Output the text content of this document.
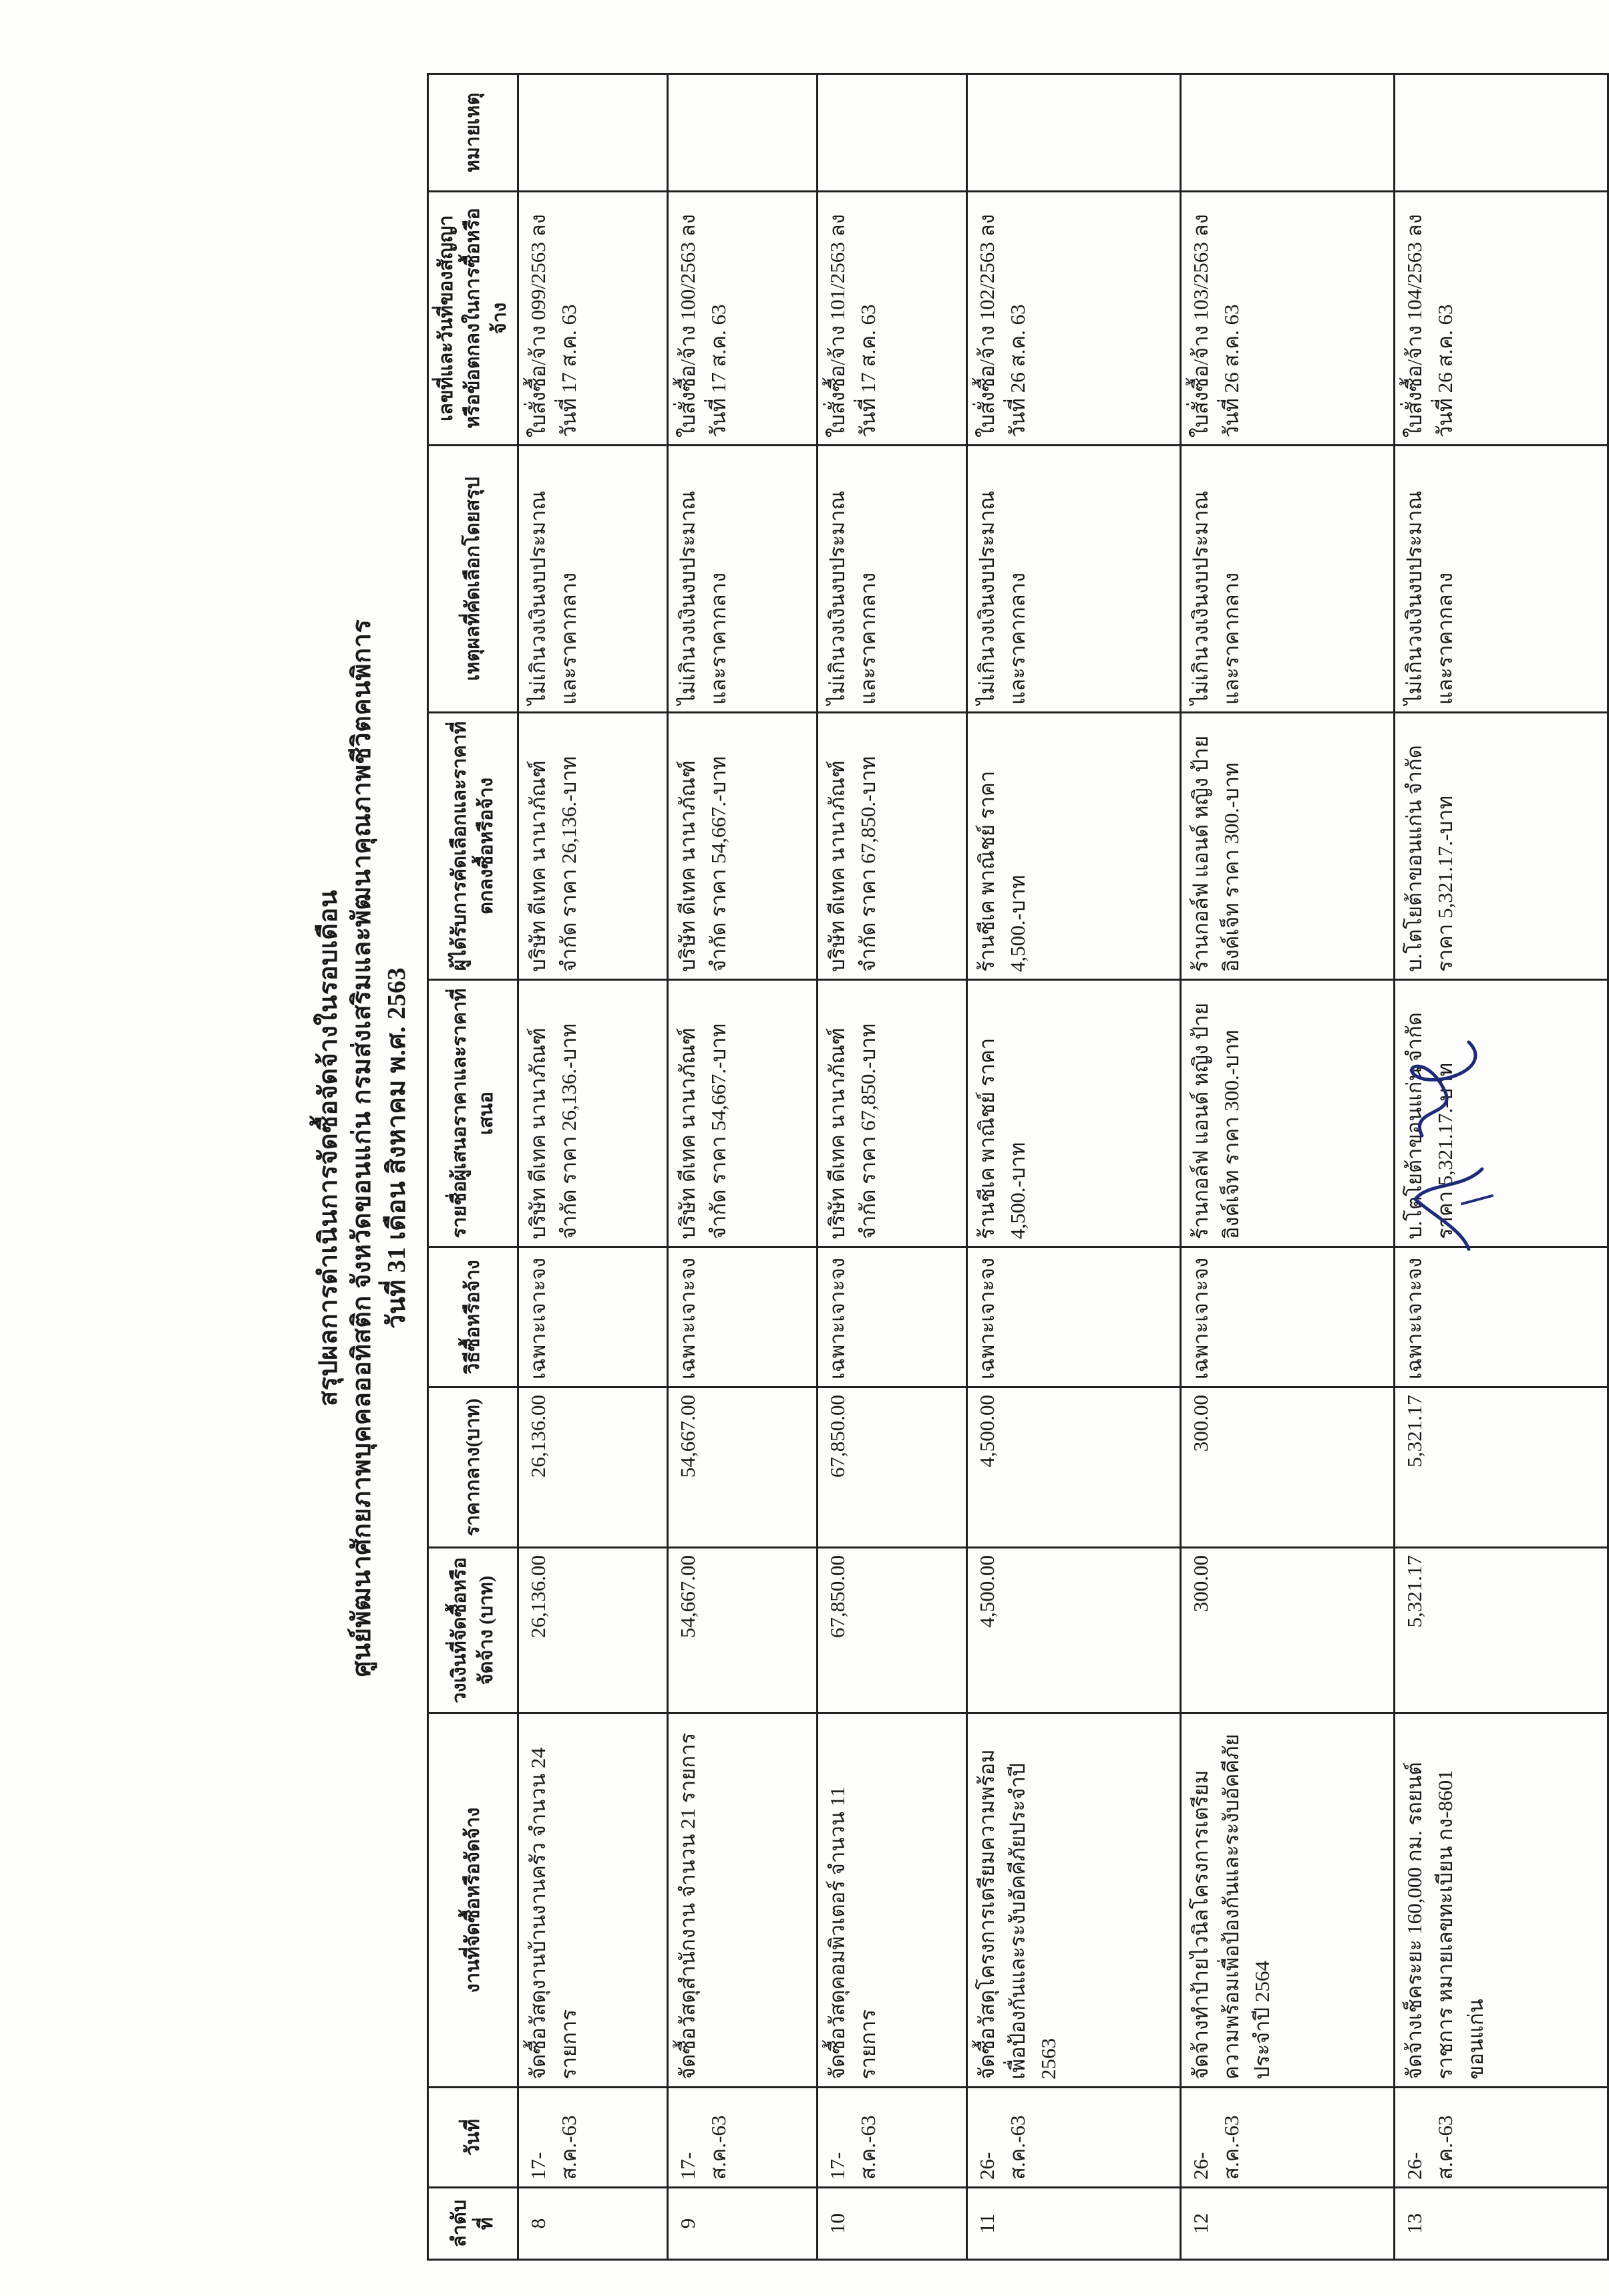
สรุปผลการดำเนินการจัดซื้อจัดจ้างในรอบเดือน ศูนย์พัฒนาศักยภาพบุคคลออทิสติก จังหวัดขอนแก่น กรมส่งเสริมและพัฒนาคุณภาพชีวิตคนพิการ วันที่ 31 เดือน สิงหาคม พ.ศ. 2563
ลำดับที่	วันที่	งานที่จัดซื้อหรือจัดจ้าง	วงเงินที่จัดซื้อหรือจัดจ้าง (บาท)	ราคากลาง(บาท)	วิธีซื้อหรือจ้าง	รายชื่อผู้เสนอราคาและราคาที่เสนอ	ผู้ได้รับการคัดเลือกและราคาที่ตกลงซื้อหรือจ้าง	เหตุผลที่คัดเลือกโดยสรุป	เลขที่และวันที่ของสัญญาหรือข้อตกลงในการซื้อหรือจ้าง	หมายเหตุ
8	17-ส.ค.-63	จัดซื้อวัสดุงานบ้านงานครัว จำนวน 24 รายการ	26,136.00	26,136.00	เฉพาะเจาะจง	บริษัท ดีเทค นานาภัณฑ์ จำกัด ราคา 26,136.-บาท	บริษัท ดีเทค นานาภัณฑ์ จำกัด ราคา 26,136.-บาท	ไม่เกินวงเงินงบประมาณ และราคากลาง	ใบสั่งซื้อ/จ้าง 099/2563 ลงวันที่ 17 ส.ค. 63	
9	17-ส.ค.-63	จัดซื้อวัสดุสำนักงาน จำนวน 21 รายการ	54,667.00	54,667.00	เฉพาะเจาะจง	บริษัท ดีเทค นานาภัณฑ์ จำกัด ราคา 54,667.-บาท	บริษัท ดีเทค นานาภัณฑ์ จำกัด ราคา 54,667.-บาท	ไม่เกินวงเงินงบประมาณ และราคากลาง	ใบสั่งซื้อ/จ้าง 100/2563 ลงวันที่ 17 ส.ค. 63	
10	17-ส.ค.-63	จัดซื้อวัสดุคอมพิวเตอร์ จำนวน 11 รายการ	67,850.00	67,850.00	เฉพาะเจาะจง	บริษัท ดีเทค นานาภัณฑ์ จำกัด ราคา 67,850.-บาท	บริษัท ดีเทค นานาภัณฑ์ จำกัด ราคา 67,850.-บาท	ไม่เกินวงเงินงบประมาณ และราคากลาง	ใบสั่งซื้อ/จ้าง 101/2563 ลงวันที่ 17 ส.ค. 63	
11	26-ส.ค.-63	จัดซื้อวัสดุโครงการเตรียมความพร้อมเพื่อป้องกันและระงับอัคคีภัยประจำปี 2563	4,500.00	4,500.00	เฉพาะเจาะจง	ร้านชีเค พาณิชย์ ราคา 4,500.-บาท	ร้านชีเค พาณิชย์ ราคา 4,500.-บาท	ไม่เกินวงเงินงบประมาณ และราคากลาง	ใบสั่งซื้อ/จ้าง 102/2563 ลงวันที่ 26 ส.ค. 63	
12	26-ส.ค.-63	จัดจ้างทำป้ายไวนิลโครงการเตรียมความพร้อมเพื่อป้องกันและระงับอัคคีภัยประจำปี 2564	300.00	300.00	เฉพาะเจาะจง	ร้านกอล์ฟ แอนด์ หญิง ป้ายอิงค์เจ็ท ราคา 300.-บาท	ร้านกอล์ฟ แอนด์ หญิง ป้ายอิงค์เจ็ท ราคา 300.-บาท	ไม่เกินวงเงินงบประมาณ และราคากลาง	ใบสั่งซื้อ/จ้าง 103/2563 ลงวันที่ 26 ส.ค. 63	
13	26-ส.ค.-63	จัดจ้างเช็คระยะ 160,000 กม. รถยนต์ราชการ หมายเลขทะเบียน กง-8601 ขอนแก่น	5,321.17	5,321.17	เฉพาะเจาะจง	บ.โตโยต้าขอนแก่น จำกัด ราคา 5,321.17.-บาท	บ.โตโยต้าขอนแก่น จำกัด ราคา 5,321.17.-บาท	ไม่เกินวงเงินงบประมาณ และราคากลาง	ใบสั่งซื้อ/จ้าง 104/2563 ลงวันที่ 26 ส.ค. 63	
